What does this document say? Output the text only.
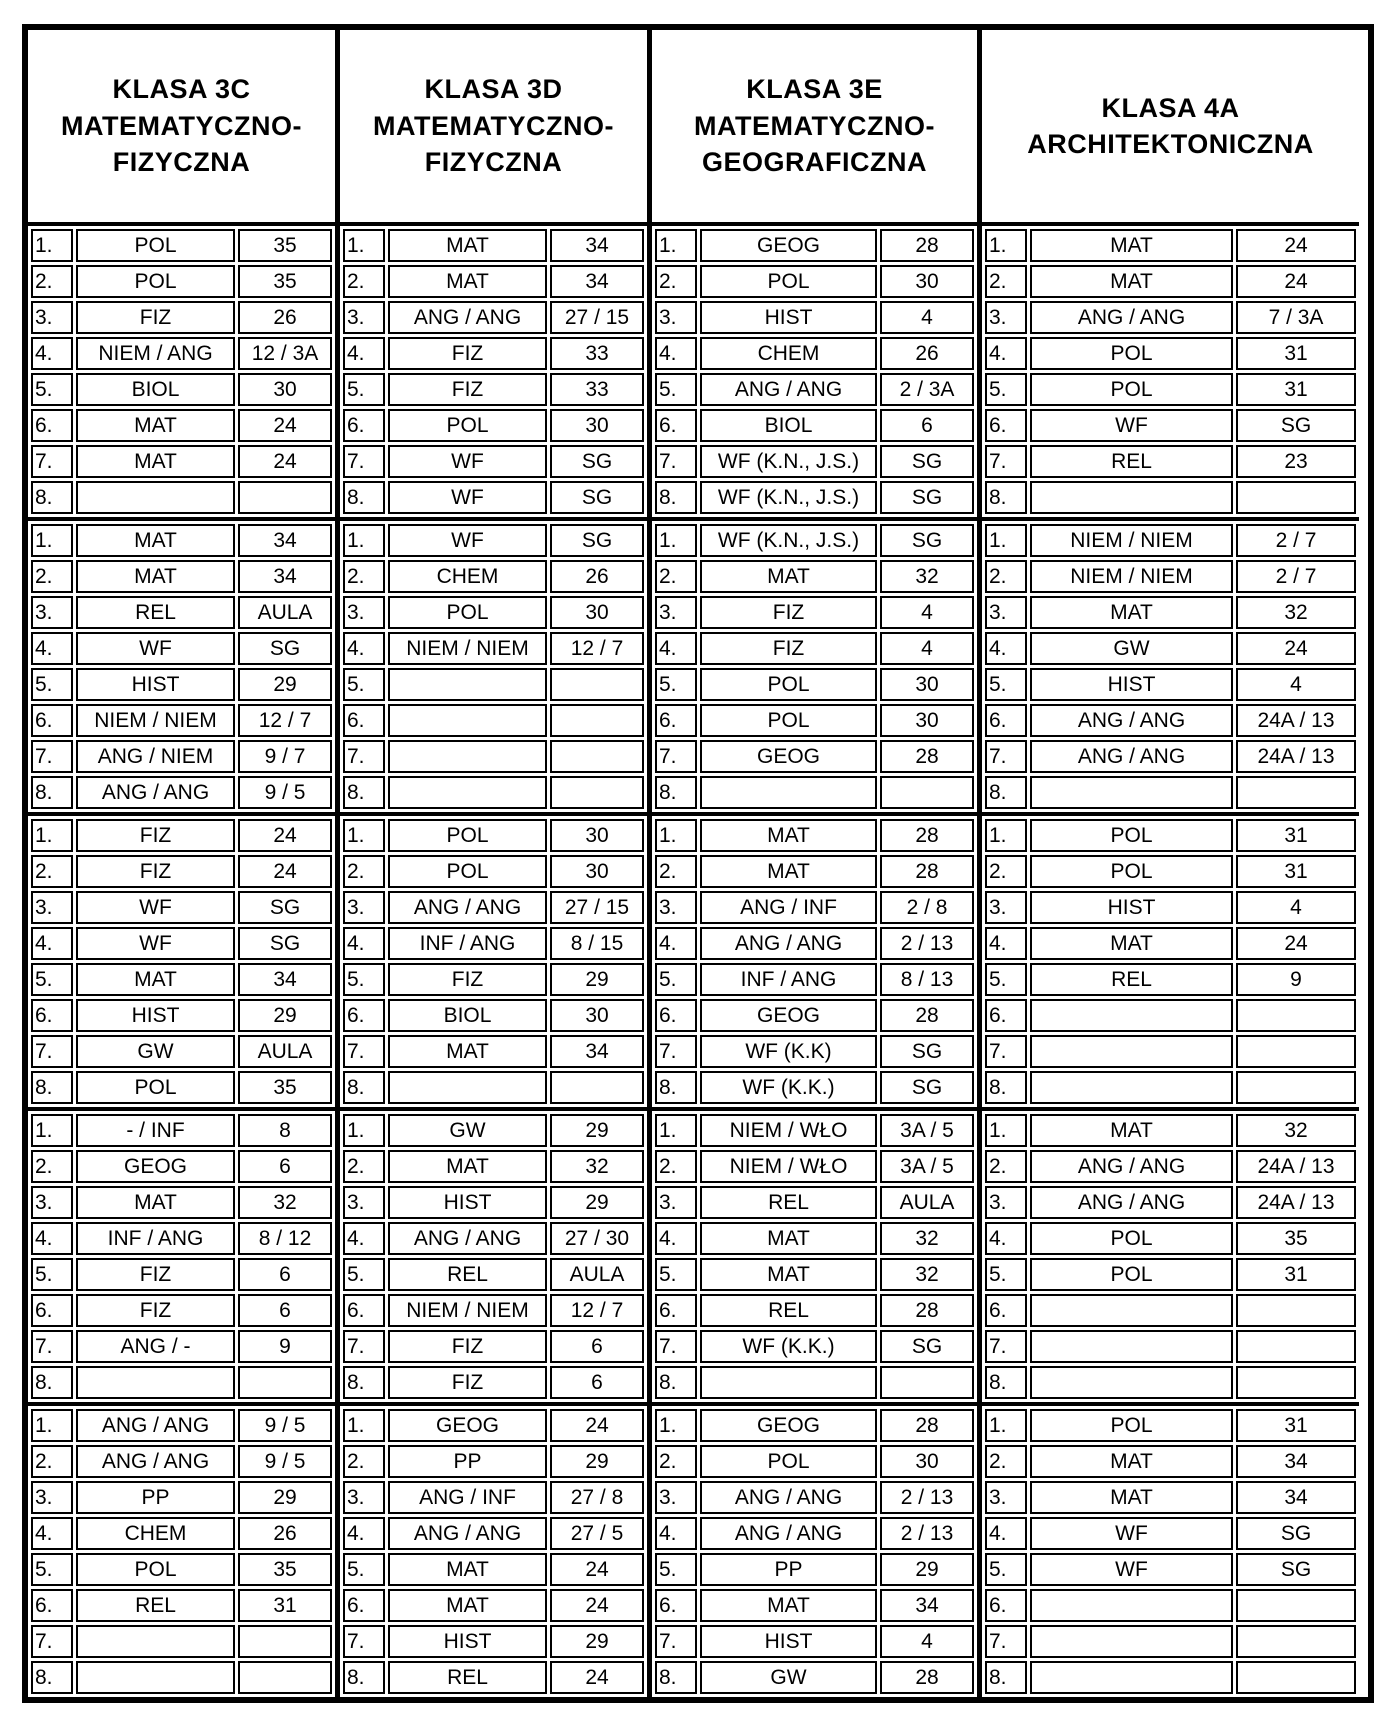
KLASA 3C
MATEMATYCZNO-
FIZYCZNA
1.	POL	35
2.	POL	35
3.	FIZ	26
4.	NIEM / ANG	12 / 3A
5.	BIOL	30
6.	MAT	24
7.	MAT	24
8.		
1.	MAT	34
2.	MAT	34
3.	REL	AULA
4.	WF	SG
5.	HIST	29
6.	NIEM / NIEM	12 / 7
7.	ANG / NIEM	9 / 7
8.	ANG / ANG	9 / 5
1.	FIZ	24
2.	FIZ	24
3.	WF	SG
4.	WF	SG
5.	MAT	34
6.	HIST	29
7.	GW	AULA
8.	POL	35
1.	- / INF	8
2.	GEOG	6
3.	MAT	32
4.	INF / ANG	8 / 12
5.	FIZ	6
6.	FIZ	6
7.	ANG / -	9
8.		
1.	ANG / ANG	9 / 5
2.	ANG / ANG	9 / 5
3.	PP	29
4.	CHEM	26
5.	POL	35
6.	REL	31
7.		
8.		
KLASA 3D
MATEMATYCZNO-
FIZYCZNA
1.	MAT	34
2.	MAT	34
3.	ANG / ANG	27 / 15
4.	FIZ	33
5.	FIZ	33
6.	POL	30
7.	WF	SG
8.	WF	SG
1.	WF	SG
2.	CHEM	26
3.	POL	30
4.	NIEM / NIEM	12 / 7
5.		
6.		
7.		
8.		
1.	POL	30
2.	POL	30
3.	ANG / ANG	27 / 15
4.	INF / ANG	8 / 15
5.	FIZ	29
6.	BIOL	30
7.	MAT	34
8.		
1.	GW	29
2.	MAT	32
3.	HIST	29
4.	ANG / ANG	27 / 30
5.	REL	AULA
6.	NIEM / NIEM	12 / 7
7.	FIZ	6
8.	FIZ	6
1.	GEOG	24
2.	PP	29
3.	ANG / INF	27 / 8
4.	ANG / ANG	27 / 5
5.	MAT	24
6.	MAT	24
7.	HIST	29
8.	REL	24
KLASA 3E
MATEMATYCZNO-
GEOGRAFICZNA
1.	GEOG	28
2.	POL	30
3.	HIST	4
4.	CHEM	26
5.	ANG / ANG	2 / 3A
6.	BIOL	6
7.	WF (K.N., J.S.)	SG
8.	WF (K.N., J.S.)	SG
1.	WF (K.N., J.S.)	SG
2.	MAT	32
3.	FIZ	4
4.	FIZ	4
5.	POL	30
6.	POL	30
7.	GEOG	28
8.		
1.	MAT	28
2.	MAT	28
3.	ANG / INF	2 / 8
4.	ANG / ANG	2 / 13
5.	INF / ANG	8 / 13
6.	GEOG	28
7.	WF (K.K)	SG
8.	WF (K.K.)	SG
1.	NIEM / WŁO	3A / 5
2.	NIEM / WŁO	3A / 5
3.	REL	AULA
4.	MAT	32
5.	MAT	32
6.	REL	28
7.	WF (K.K.)	SG
8.		
1.	GEOG	28
2.	POL	30
3.	ANG / ANG	2 / 13
4.	ANG / ANG	2 / 13
5.	PP	29
6.	MAT	34
7.	HIST	4
8.	GW	28
KLASA 4A
ARCHITEKTONICZNA
1.	MAT	24
2.	MAT	24
3.	ANG / ANG	7 / 3A
4.	POL	31
5.	POL	31
6.	WF	SG
7.	REL	23
8.		
1.	NIEM / NIEM	2 / 7
2.	NIEM / NIEM	2 / 7
3.	MAT	32
4.	GW	24
5.	HIST	4
6.	ANG / ANG	24A / 13
7.	ANG / ANG	24A / 13
8.		
1.	POL	31
2.	POL	31
3.	HIST	4
4.	MAT	24
5.	REL	9
6.		
7.		
8.		
1.	MAT	32
2.	ANG / ANG	24A / 13
3.	ANG / ANG	24A / 13
4.	POL	35
5.	POL	31
6.		
7.		
8.		
1.	POL	31
2.	MAT	34
3.	MAT	34
4.	WF	SG
5.	WF	SG
6.		
7.		
8.		
